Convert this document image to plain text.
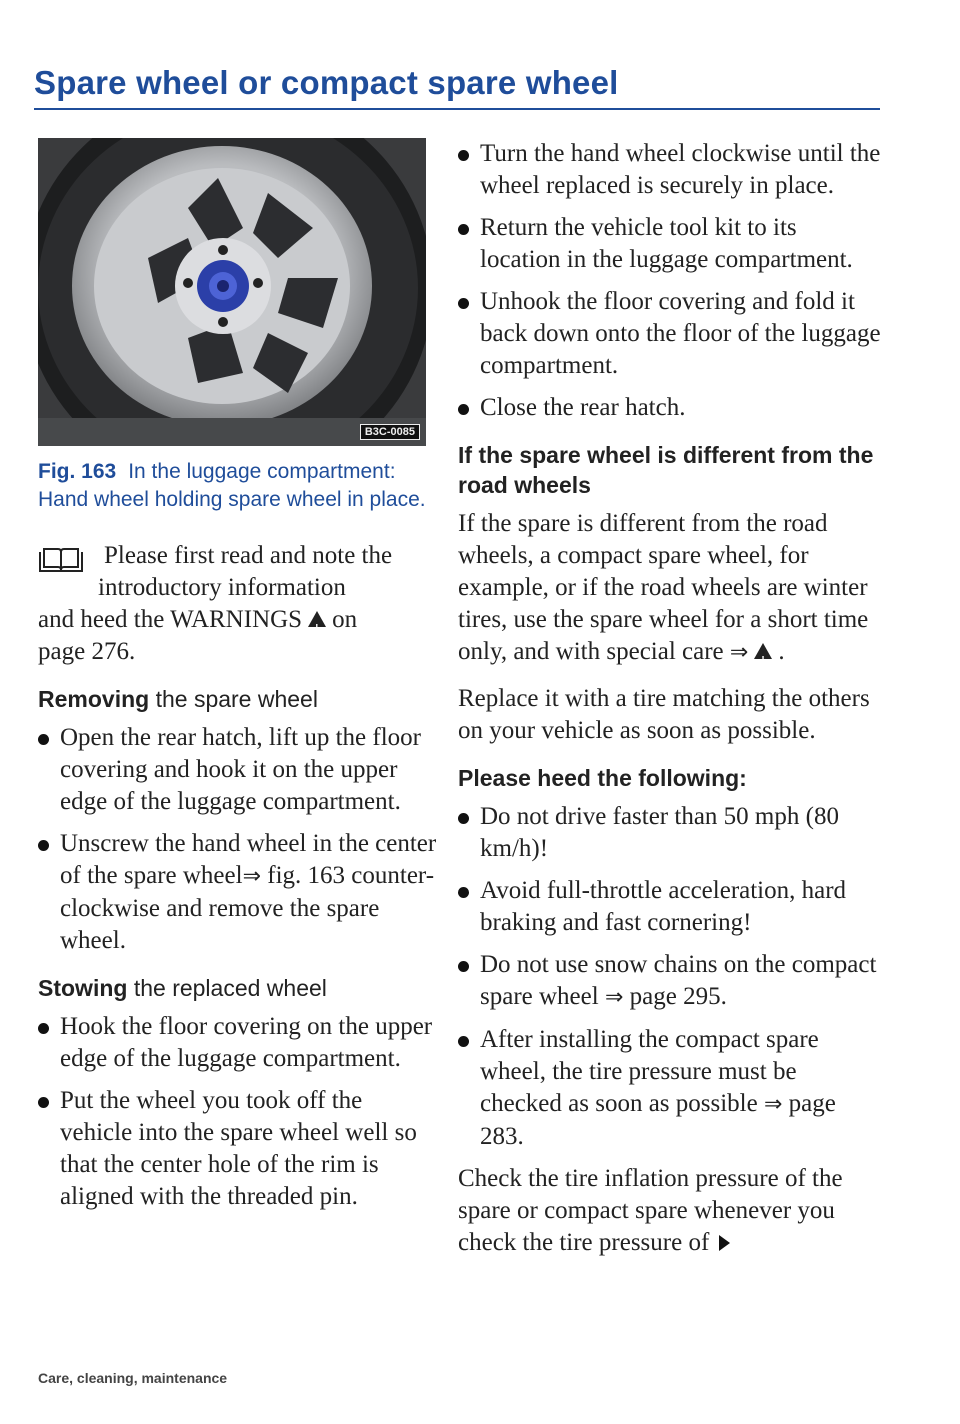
Spare wheel or compact spare wheel
B3C-0085
Fig. 163 In the luggage compartment: Hand wheel holding spare wheel in place.

Please first read and note the

introductory information

and heed the WARNINGS ! on

page 276.

Removing the spare wheel
Open the rear hatch, lift up the floor covering and hook it on the upper edge of the luggage compartment.
Unscrew the hand wheel in the center of the spare wheel⇒ fig. 163 counter-clockwise and remove the spare wheel.
Stowing the replaced wheel
Hook the floor covering on the upper edge of the luggage compartment.
Put the wheel you took off the vehicle into the spare wheel well so that the center hole of the rim is aligned with the threaded pin.
Turn the hand wheel clockwise until the wheel replaced is securely in place.
Return the vehicle tool kit to its location in the luggage compartment.
Unhook the floor covering and fold it back down onto the floor of the luggage compartment.
Close the rear hatch.
If the spare wheel is different from the road wheels

If the spare is different from the road wheels, a compact spare wheel, for example, or if the road wheels are winter tires, use the spare wheel for a short time only, and with special care ⇒ ! .

Replace it with a tire matching the others on your vehicle as soon as possible.

Please heed the following:
Do not drive faster than 50 mph (80 km/h)!
Avoid full-throttle acceleration, hard braking and fast cornering!
Do not use snow chains on the compact spare wheel ⇒ page 295.
After installing the compact spare wheel, the tire pressure must be checked as soon as possible ⇒ page 283.

Check the tire inflation pressure of the spare or compact spare whenever you check the tire pressure of

Care, cleaning, maintenance
